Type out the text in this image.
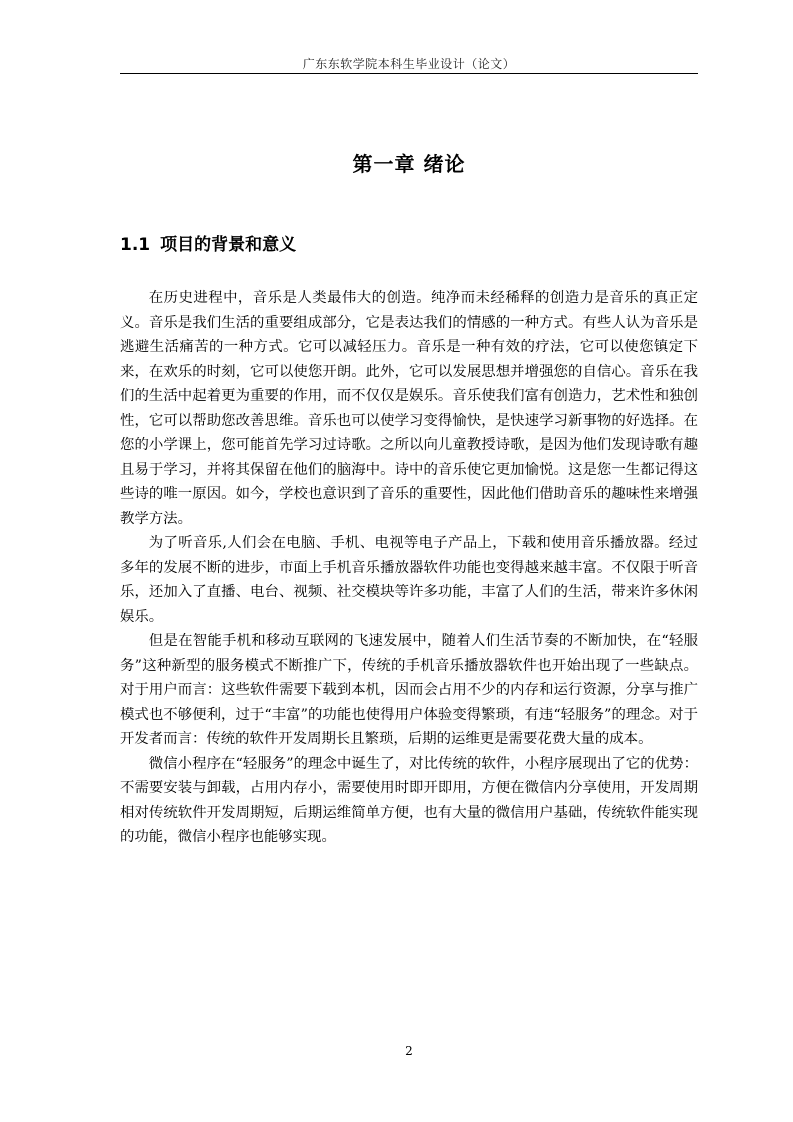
广东东软学院本科生毕业设计（论文）
第一章 绪论
1.1 项目的背景和意义

在历史进程中，音乐是人类最伟大的创造。纯净而未经稀释的创造力是音乐的真正定义。音乐是我们生活的重要组成部分，它是表达我们的情感的一种方式。有些人认为音乐是逃避生活痛苦的一种方式。它可以减轻压力。音乐是一种有效的疗法，它可以使您镇定下来，在欢乐的时刻，它可以使您开朗。此外，它可以发展思想并增强您的自信心。音乐在我们的生活中起着更为重要的作用，而不仅仅是娱乐。音乐使我们富有创造力，艺术性和独创性，它可以帮助您改善思维。音乐也可以使学习变得愉快，是快速学习新事物的好选择。在您的小学课上，您可能首先学习过诗歌。之所以向儿童教授诗歌，是因为他们发现诗歌有趣且易于学习，并将其保留在他们的脑海中。诗中的音乐使它更加愉悦。这是您一生都记得这些诗的唯一原因。如今，学校也意识到了音乐的重要性，因此他们借助音乐的趣味性来增强教学方法。

为了听音乐,人们会在电脑、手机、电视等电子产品上，下载和使用音乐播放器。经过多年的发展不断的进步，市面上手机音乐播放器软件功能也变得越来越丰富。不仅限于听音乐，还加入了直播、电台、视频、社交模块等许多功能，丰富了人们的生活，带来许多休闲娱乐。

但是在智能手机和移动互联网的飞速发展中，随着人们生活节奏的不断加快，在“轻服务”这种新型的服务模式不断推广下，传统的手机音乐播放器软件也开始出现了一些缺点。对于用户而言：这些软件需要下载到本机，因而会占用不少的内存和运行资源，分享与推广模式也不够便利，过于“丰富”的功能也使得用户体验变得繁琐，有违“轻服务”的理念。对于开发者而言：传统的软件开发周期长且繁琐，后期的运维更是需要花费大量的成本。

微信小程序在“轻服务”的理念中诞生了，对比传统的软件，小程序展现出了它的优势：不需要安装与卸载，占用内存小，需要使用时即开即用，方便在微信内分享使用，开发周期相对传统软件开发周期短，后期运维简单方便，也有大量的微信用户基础，传统软件能实现的功能，微信小程序也能够实现。

2
